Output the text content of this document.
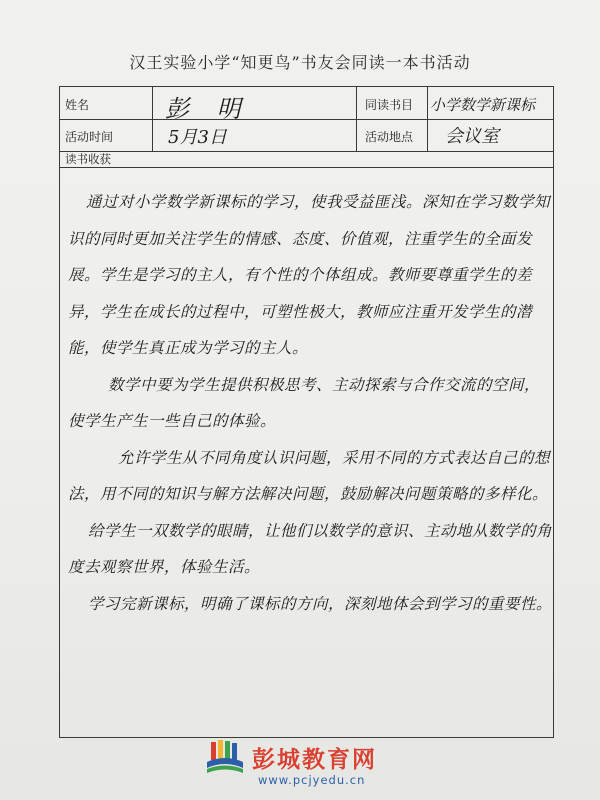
汉王实验小学“知更鸟”书友会同读一本书活动
姓名	彭 明	同读书目 小学数学新课标
活动时间	5月3日	活动地点 会议室
读书收获

通过对小学数学新课标的学习，使我受益匪浅。深知在学习数学知识的同时更加关注学生的情感、态度、价值观，注重学生的全面发展。学生是学习的主人，有个性的个体组成。教师要尊重学生的差异，学生在成长的过程中，可塑性极大，教师应注重开发学生的潜能，使学生真正成为学习的主人。

数学中要为学生提供积极思考、主动探索与合作交流的空间，使学生产生一些自己的体验。

允许学生从不同角度认识问题，采用不同的方式表达自己的想法，用不同的知识与解方法解决问题，鼓励解决问题策略的多样化。

给学生一双数学的眼睛，让他们以数学的意识、主动地从数学的角度去观察世界，体验生活。

学习完新课标，明确了课标的方向，深刻地体会到学习的重要性。

彭城教育网
www.pcjyedu.cn
